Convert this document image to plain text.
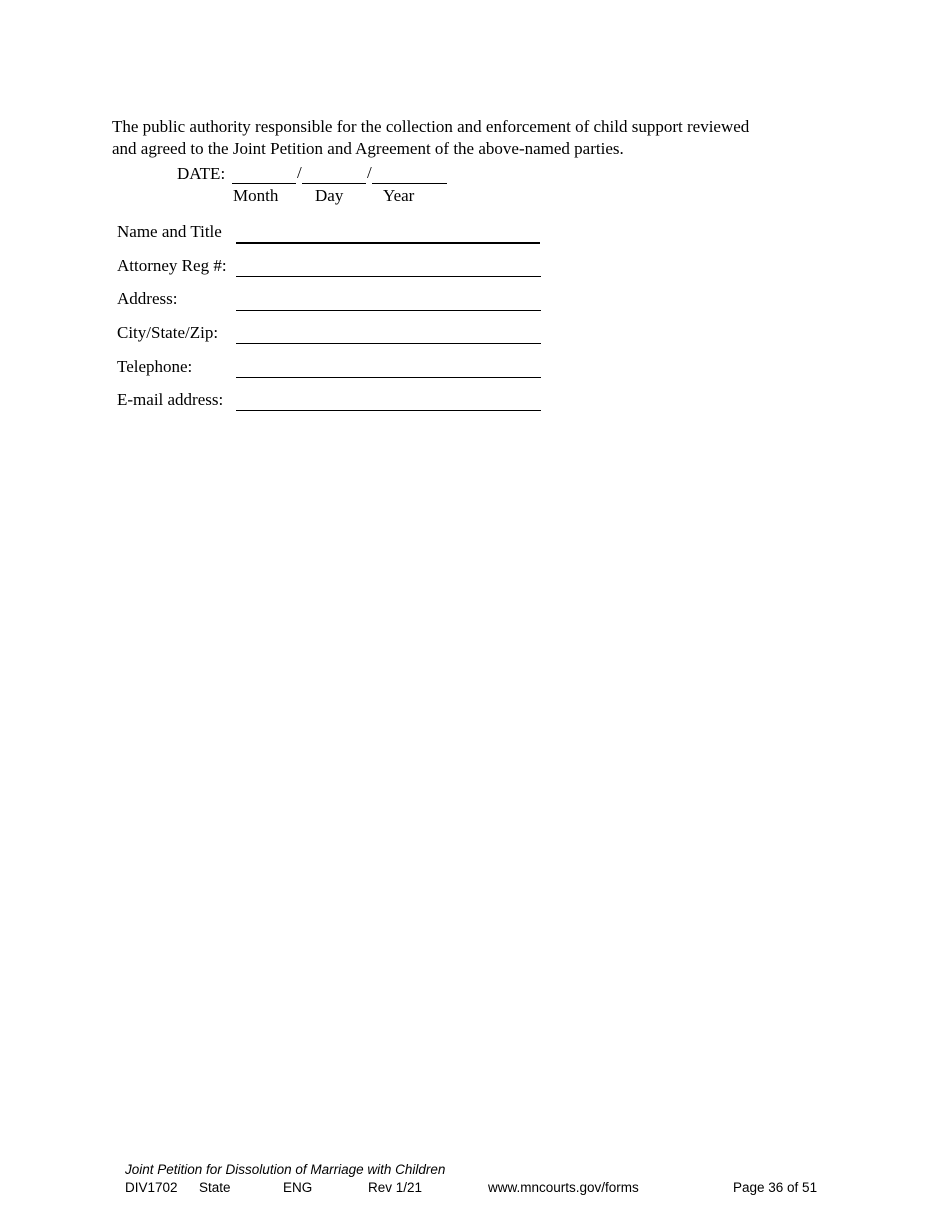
The public authority responsible for the collection and enforcement of child support reviewed
and agreed to the Joint Petition and Agreement of the above-named parties.
DATE:	/	/
Month Day Year
Name and Title
Attorney Reg #:
Address:
City/State/Zip:
Telephone:
E-mail address:
Joint Petition for Dissolution of Marriage with Children
DIV1702 State	ENG	Rev 1/21	www.mncourts.gov/forms	Page 36 of 51
